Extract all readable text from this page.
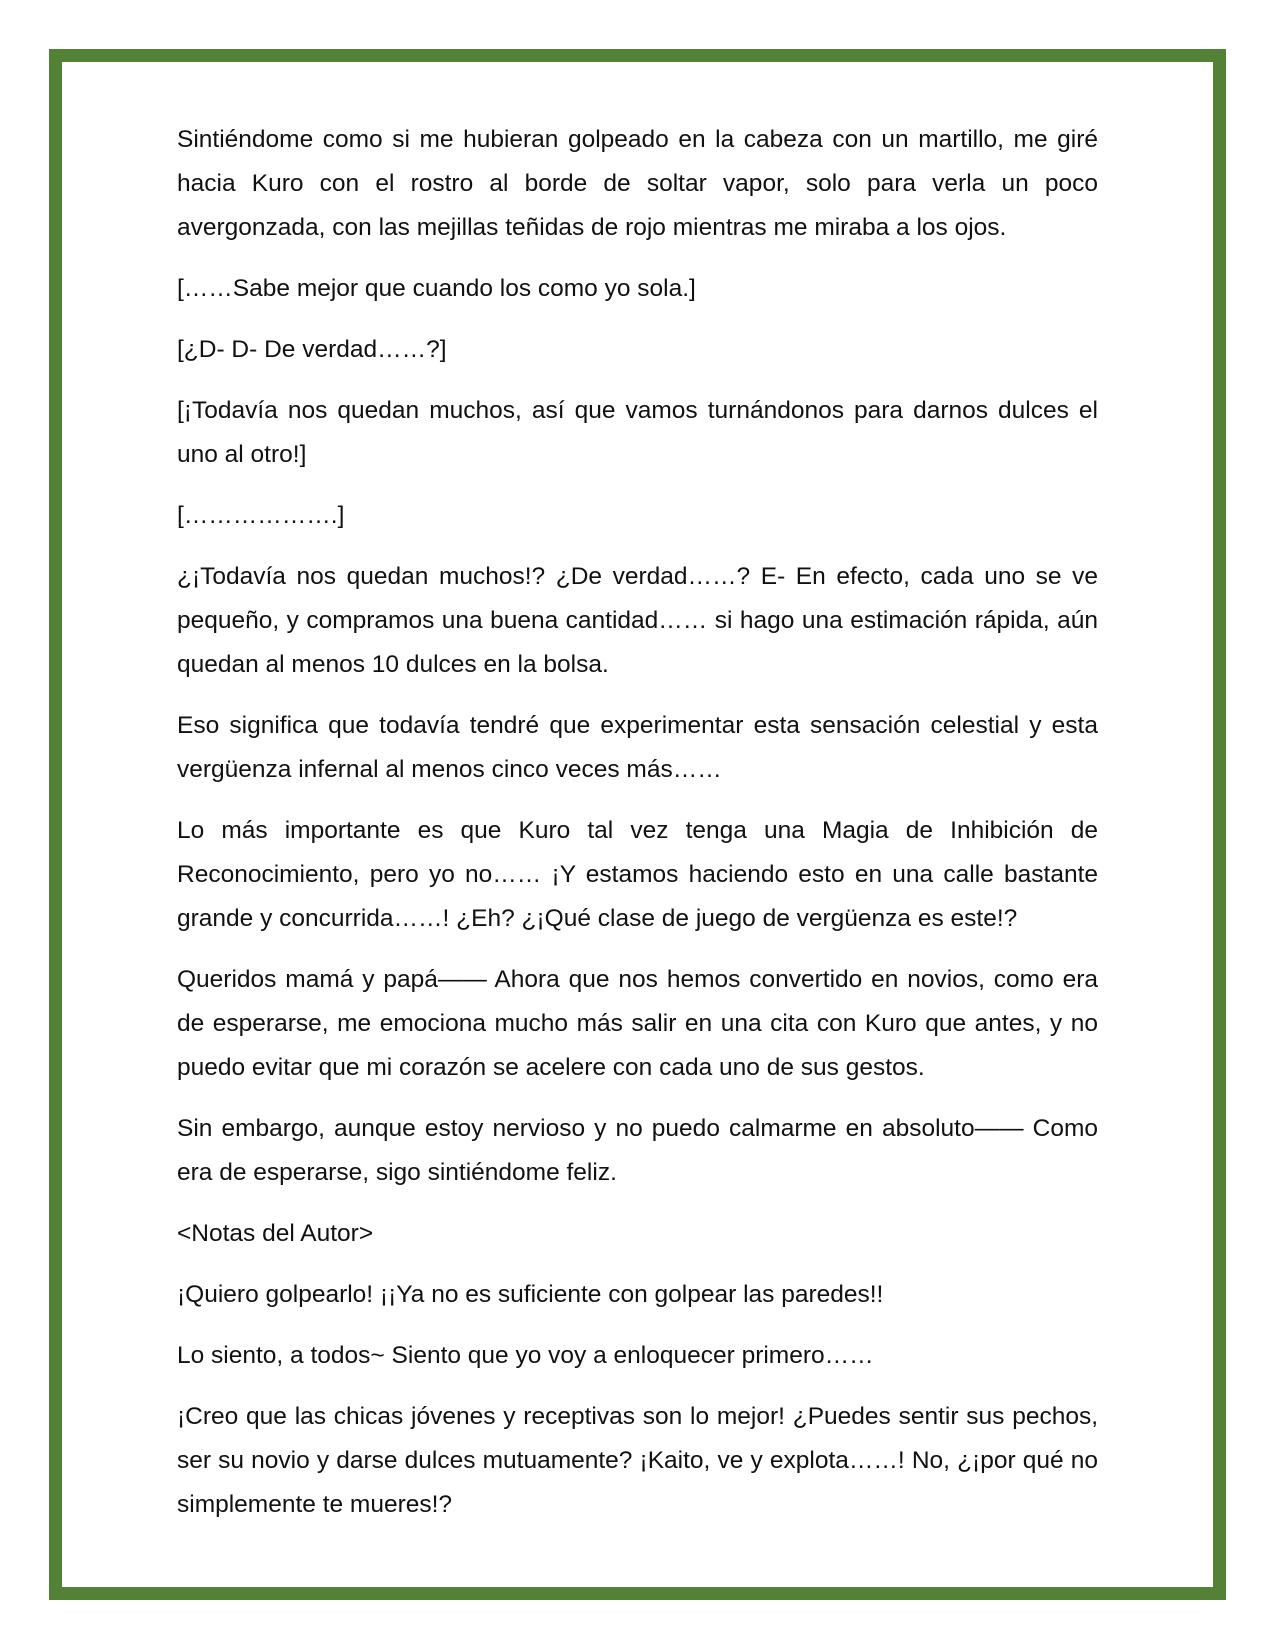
Sintiéndome como si me hubieran golpeado en la cabeza con un martillo, me giré hacia Kuro con el rostro al borde de soltar vapor, solo para verla un poco avergonzada, con las mejillas teñidas de rojo mientras me miraba a los ojos.

[……Sabe mejor que cuando los como yo sola.]

[¿D- D- De verdad……?]

[¡Todavía nos quedan muchos, así que vamos turnándonos para darnos dulces el uno al otro!]

[……………….]

¿¡Todavía nos quedan muchos!? ¿De verdad……? E- En efecto, cada uno se ve pequeño, y compramos una buena cantidad…… si hago una estimación rápida, aún quedan al menos 10 dulces en la bolsa.

Eso significa que todavía tendré que experimentar esta sensación celestial y esta vergüenza infernal al menos cinco veces más……

Lo más importante es que Kuro tal vez tenga una Magia de Inhibición de Reconocimiento, pero yo no…… ¡Y estamos haciendo esto en una calle bastante grande y concurrida……! ¿Eh? ¿¡Qué clase de juego de vergüenza es este!?

Queridos mamá y papá—— Ahora que nos hemos convertido en novios, como era de esperarse, me emociona mucho más salir en una cita con Kuro que antes, y no puedo evitar que mi corazón se acelere con cada uno de sus gestos.

Sin embargo, aunque estoy nervioso y no puedo calmarme en absoluto—— Como era de esperarse, sigo sintiéndome feliz.

<Notas del Autor>

¡Quiero golpearlo! ¡¡Ya no es suficiente con golpear las paredes!!

Lo siento, a todos~ Siento que yo voy a enloquecer primero……

¡Creo que las chicas jóvenes y receptivas son lo mejor! ¿Puedes sentir sus pechos, ser su novio y darse dulces mutuamente? ¡Kaito, ve y explota……! No, ¿¡por qué no simplemente te mueres!?
